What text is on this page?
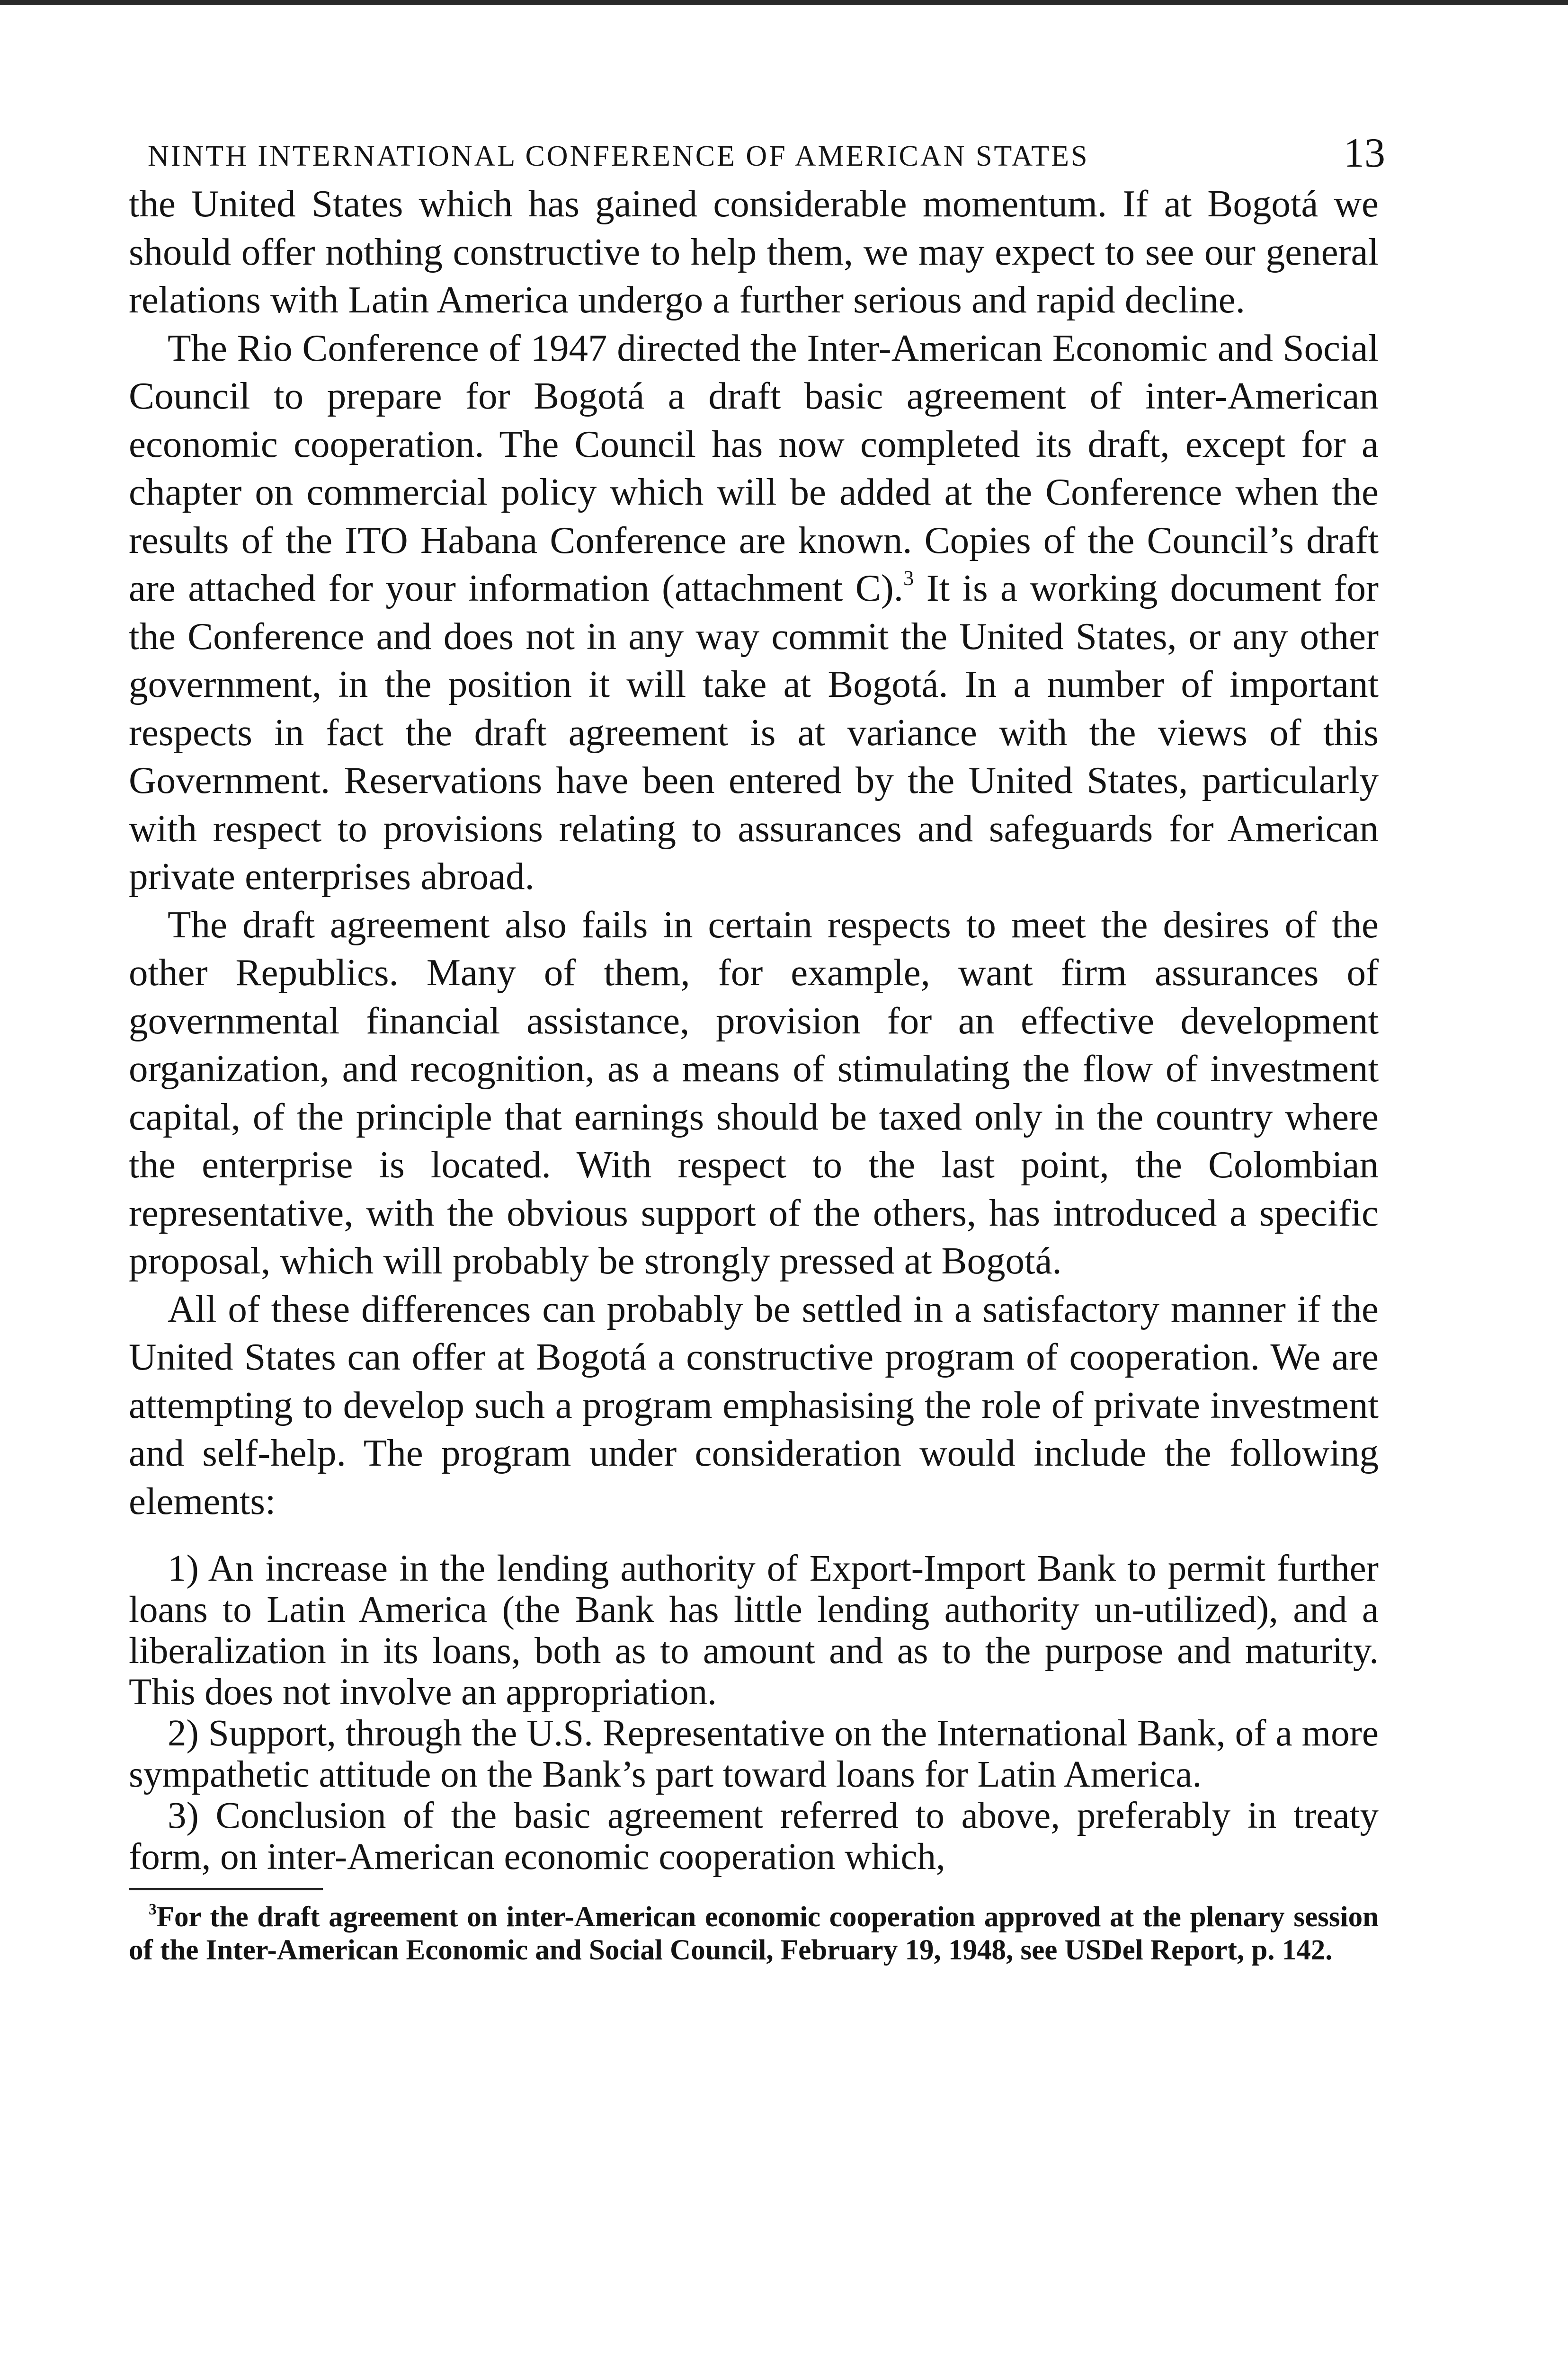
NINTH INTERNATIONAL CONFERENCE OF AMERICAN STATES	13

the United States which has gained considerable momentum. If at Bogotá we should offer nothing constructive to help them, we may expect to see our general relations with Latin America undergo a further serious and rapid decline.

The Rio Conference of 1947 directed the Inter-American Economic and Social Council to prepare for Bogotá a draft basic agreement of inter-American economic cooperation. The Council has now completed its draft, except for a chapter on commercial policy which will be added at the Conference when the results of the ITO Habana Conference are known. Copies of the Council’s draft are attached for your information (attachment C).$^3$ It is a working document for the Conference and does not in any way commit the United States, or any other government, in the position it will take at Bogotá. In a number of important respects in fact the draft agreement is at variance with the views of this Government. Reservations have been entered by the United States, particularly with respect to provisions relating to assurances and safeguards for American private enterprises abroad.

The draft agreement also fails in certain respects to meet the desires of the other Republics. Many of them, for example, want firm assurances of governmental financial assistance, provision for an effective development organization, and recognition, as a means of stimulating the flow of investment capital, of the principle that earnings should be taxed only in the country where the enterprise is located. With respect to the last point, the Colombian representative, with the obvious support of the others, has introduced a specific proposal, which will probably be strongly pressed at Bogotá.

All of these differences can probably be settled in a satisfactory manner if the United States can offer at Bogotá a constructive program of cooperation. We are attempting to develop such a program emphasising the role of private investment and self-help. The program under consideration would include the following elements:

1) An increase in the lending authority of Export-Import Bank to permit further loans to Latin America (the Bank has little lending authority un-utilized), and a liberalization in its loans, both as to amount and as to the purpose and maturity. This does not involve an appropriation.

2) Support, through the U.S. Representative on the International Bank, of a more sympathetic attitude on the Bank’s part toward loans for Latin America.

3) Conclusion of the basic agreement referred to above, preferably in treaty form, on inter-American economic cooperation which,

$^3$For the draft agreement on inter-American economic cooperation approved at the plenary session of the Inter-American Economic and Social Council, February 19, 1948, see USDel Report, p. 142.
